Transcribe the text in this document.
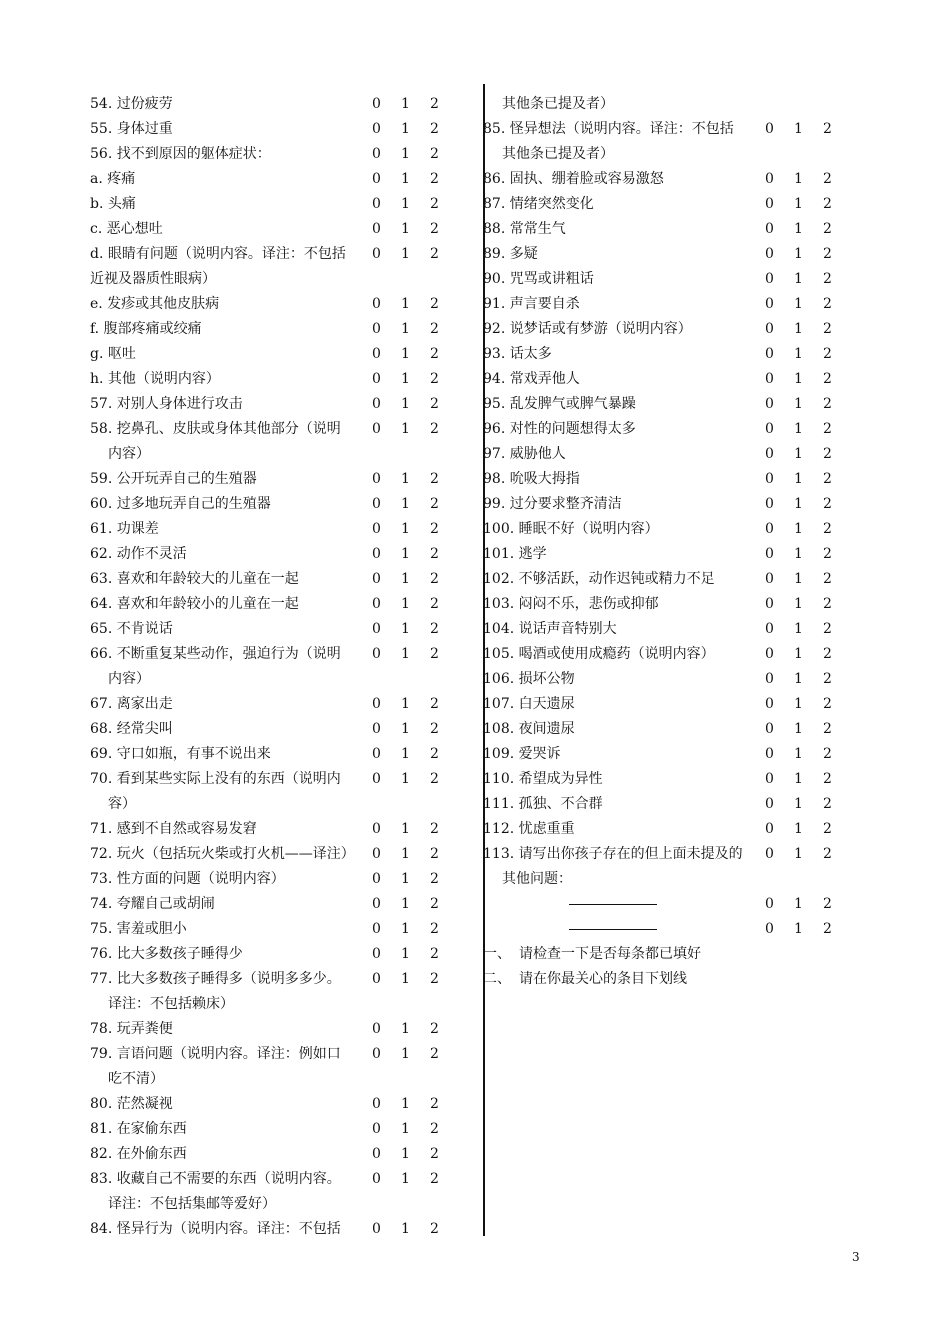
54. 过份疲劳	0	1	2
55. 身体过重	0	1	2
56. 找不到原因的躯体症状：	0	1	2
a. 疼痛	0	1	2
b. 头痛	0	1	2
c. 恶心想吐	0	1	2
d. 眼睛有问题（说明内容。译注：不包括	0	1	2
近视及器质性眼病）
e. 发疹或其他皮肤病	0	1	2
f. 腹部疼痛或绞痛	0	1	2
g. 呕吐	0	1	2
h. 其他（说明内容）	0	1	2
57. 对别人身体进行攻击	0	1	2
58. 挖鼻孔、皮肤或身体其他部分（说明	0	1	2
内容）
59. 公开玩弄自己的生殖器	0	1	2
60. 过多地玩弄自己的生殖器	0	1	2
61. 功课差	0	1	2
62. 动作不灵活	0	1	2
63. 喜欢和年龄较大的儿童在一起	0	1	2
64. 喜欢和年龄较小的儿童在一起	0	1	2
65. 不肯说话	0	1	2
66. 不断重复某些动作，强迫行为（说明	0	1	2
内容）
67. 离家出走	0	1	2
68. 经常尖叫	0	1	2
69. 守口如瓶，有事不说出来	0	1	2
70. 看到某些实际上没有的东西（说明内	0	1	2
容）
71. 感到不自然或容易发窘	0	1	2
72. 玩火（包括玩火柴或打火机——译注）	0	1	2
73. 性方面的问题（说明内容）	0	1	2
74. 夸耀自己或胡闹	0	1	2
75. 害羞或胆小	0	1	2
76. 比大多数孩子睡得少	0	1	2
77. 比大多数孩子睡得多（说明多多少。	0	1	2
译注：不包括赖床）
78. 玩弄粪便	0	1	2
79. 言语问题（说明内容。译注：例如口	0	1	2
吃不清）
80. 茫然凝视	0	1	2
81. 在家偷东西	0	1	2
82. 在外偷东西	0	1	2
83. 收藏自己不需要的东西（说明内容。	0	1	2
译注：不包括集邮等爱好）
84. 怪异行为（说明内容。译注：不包括	0	1	2
其他条已提及者）
85. 怪异想法（说明内容。译注：不包括	0	1	2
其他条已提及者）
86. 固执、绷着脸或容易激怒	0	1	2
87. 情绪突然变化	0	1	2
88. 常常生气	0	1	2
89. 多疑	0	1	2
90. 咒骂或讲粗话	0	1	2
91. 声言要自杀	0	1	2
92. 说梦话或有梦游（说明内容）	0	1	2
93. 话太多	0	1	2
94. 常戏弄他人	0	1	2
95. 乱发脾气或脾气暴躁	0	1	2
96. 对性的问题想得太多	0	1	2
97. 威胁他人	0	1	2
98. 吮吸大拇指	0	1	2
99. 过分要求整齐清洁	0	1	2
100. 睡眠不好（说明内容）	0	1	2
101. 逃学	0	1	2
102. 不够活跃，动作迟钝或精力不足	0	1	2
103. 闷闷不乐，悲伤或抑郁	0	1	2
104. 说话声音特别大	0	1	2
105. 喝酒或使用成瘾药（说明内容）	0	1	2
106. 损坏公物	0	1	2
107. 白天遗尿	0	1	2
108. 夜间遗尿	0	1	2
109. 爱哭诉	0	1	2
110. 希望成为异性	0	1	2
111. 孤独、不合群	0	1	2
112. 忧虑重重	0	1	2
113. 请写出你孩子存在的但上面未提及的	0	1	2
其他问题：
0	1	2
0	1	2
一、 请检查一下是否每条都已填好
二、 请在你最关心的条目下划线
3
